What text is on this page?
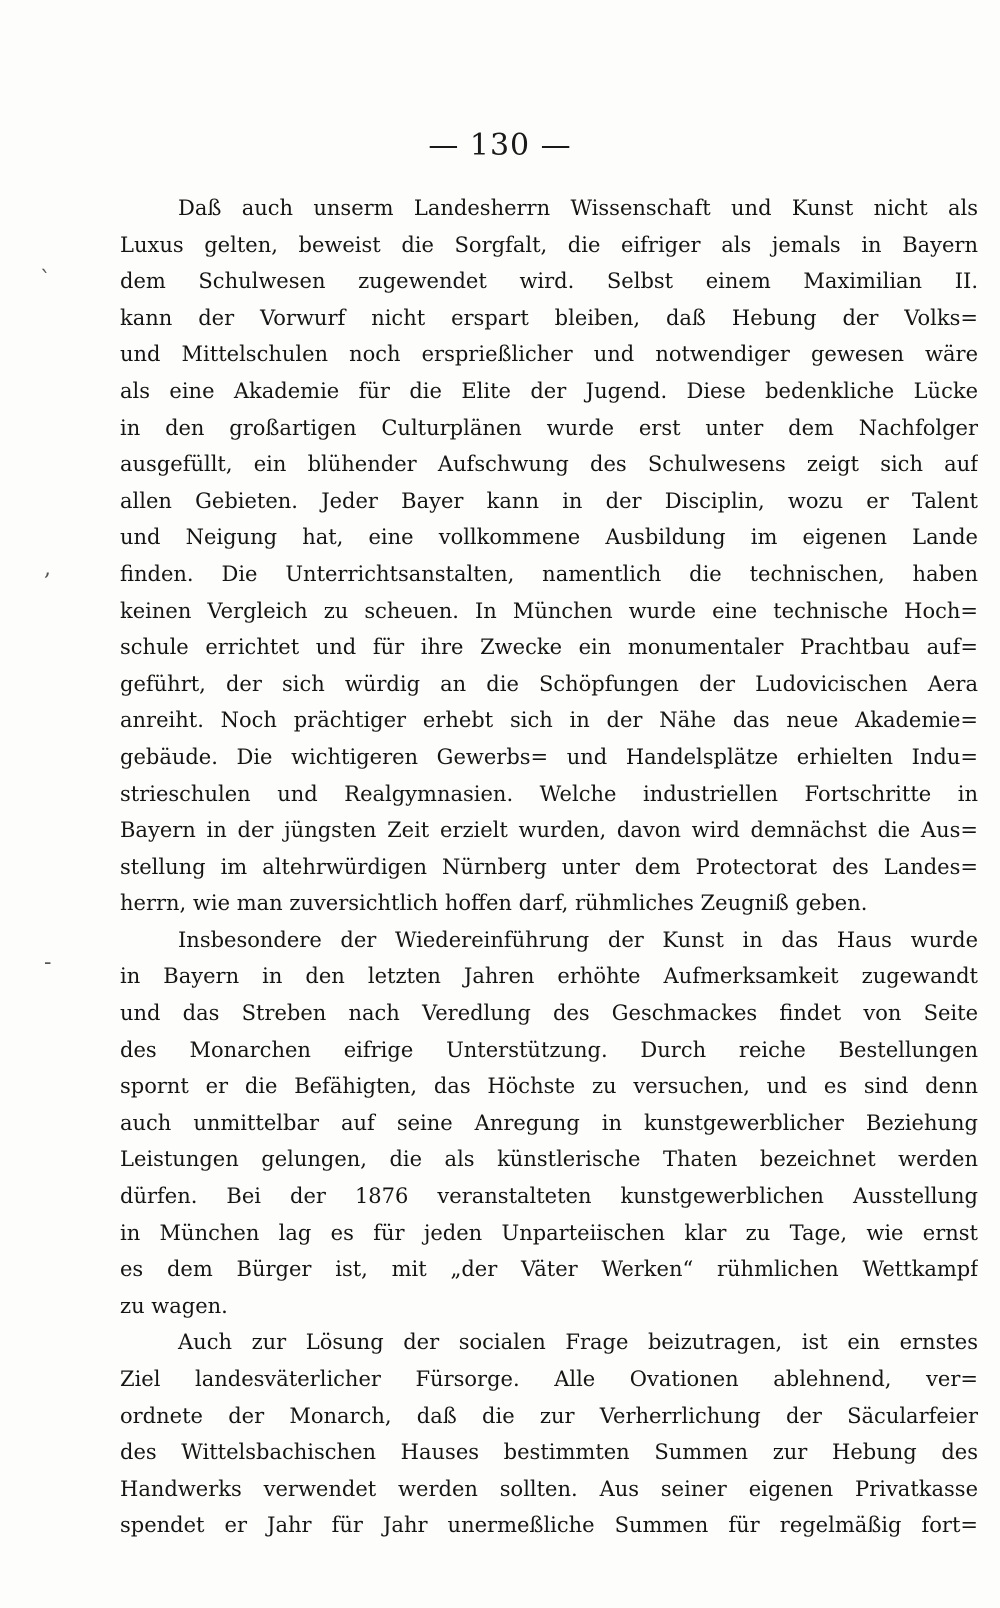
— 130 —
ˋ
,
-
Daß auch unserm Landesherrn Wissenschaft und Kunst nicht als
Luxus gelten, beweist die Sorgfalt, die eifriger als jemals in Bayern
dem Schulwesen zugewendet wird. Selbst einem Maximilian II.
kann der Vorwurf nicht erspart bleiben, daß Hebung der Volks=
und Mittelschulen noch ersprießlicher und notwendiger gewesen wäre
als eine Akademie für die Elite der Jugend. Diese bedenkliche Lücke
in den großartigen Culturplänen wurde erst unter dem Nachfolger
ausgefüllt, ein blühender Aufschwung des Schulwesens zeigt sich auf
allen Gebieten. Jeder Bayer kann in der Disciplin, wozu er Talent
und Neigung hat, eine vollkommene Ausbildung im eigenen Lande
finden. Die Unterrichtsanstalten, namentlich die technischen, haben
keinen Vergleich zu scheuen. In München wurde eine technische Hoch=
schule errichtet und für ihre Zwecke ein monumentaler Prachtbau auf=
geführt, der sich würdig an die Schöpfungen der Ludovicischen Aera
anreiht. Noch prächtiger erhebt sich in der Nähe das neue Akademie=
gebäude. Die wichtigeren Gewerbs= und Handelsplätze erhielten Indu=
strieschulen und Realgymnasien. Welche industriellen Fortschritte in
Bayern in der jüngsten Zeit erzielt wurden, davon wird demnächst die Aus=
stellung im altehrwürdigen Nürnberg unter dem Protectorat des Landes=
herrn, wie man zuversichtlich hoffen darf, rühmliches Zeugniß geben.
Insbesondere der Wiedereinführung der Kunst in das Haus wurde
in Bayern in den letzten Jahren erhöhte Aufmerksamkeit zugewandt
und das Streben nach Veredlung des Geschmackes findet von Seite
des Monarchen eifrige Unterstützung. Durch reiche Bestellungen
spornt er die Befähigten, das Höchste zu versuchen, und es sind denn
auch unmittelbar auf seine Anregung in kunstgewerblicher Beziehung
Leistungen gelungen, die als künstlerische Thaten bezeichnet werden
dürfen. Bei der 1876 veranstalteten kunstgewerblichen Ausstellung
in München lag es für jeden Unparteiischen klar zu Tage, wie ernst
es dem Bürger ist, mit „der Väter Werken“ rühmlichen Wettkampf
zu wagen.
Auch zur Lösung der socialen Frage beizutragen, ist ein ernstes
Ziel landesväterlicher Fürsorge. Alle Ovationen ablehnend, ver=
ordnete der Monarch, daß die zur Verherrlichung der Säcularfeier
des Wittelsbachischen Hauses bestimmten Summen zur Hebung des
Handwerks verwendet werden sollten. Aus seiner eigenen Privatkasse
spendet er Jahr für Jahr unermeßliche Summen für regelmäßig fort=
